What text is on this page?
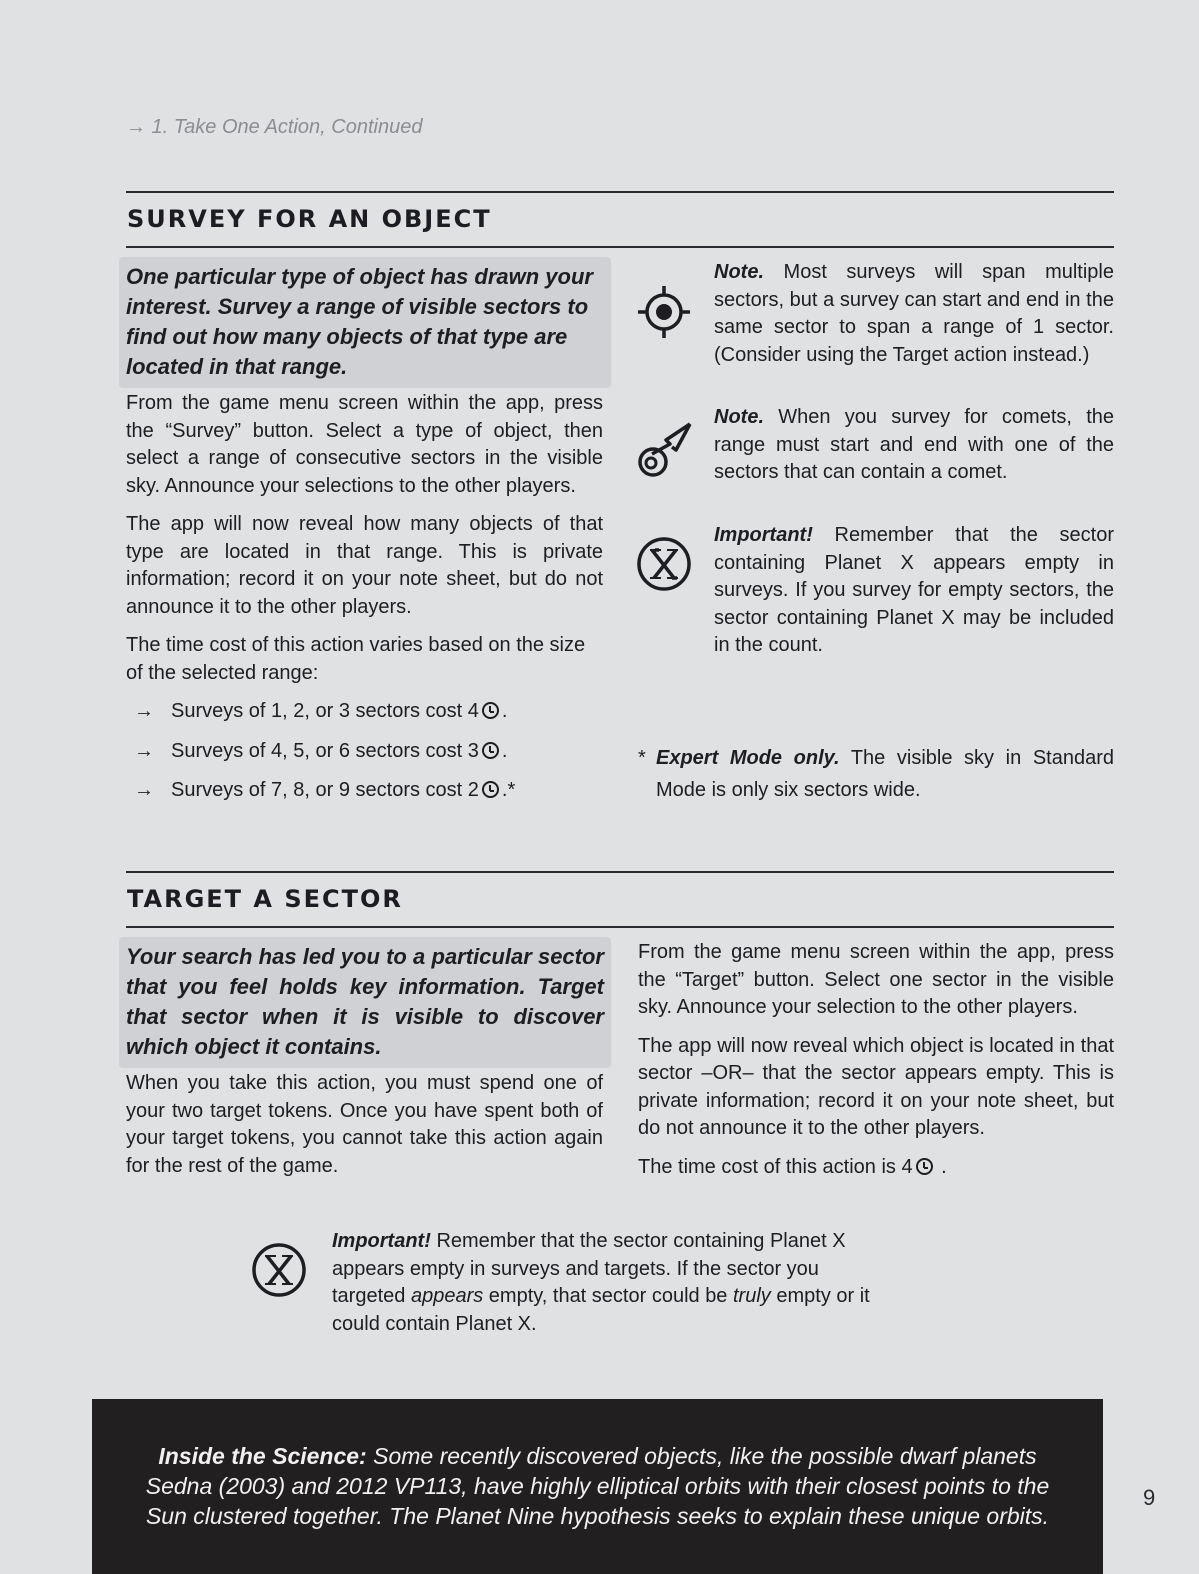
→ 1. Take One Action, Continued
SURVEY FOR AN OBJECT
One particular type of object has drawn your interest. Survey a range of visible sectors to find out how many objects of that type are located in that range.

From the game menu screen within the app, press the “Survey” button. Select a type of object, then select a range of consecutive sectors in the visible sky. Announce your selections to the other players.

The app will now reveal how many objects of that type are located in that range. This is private information; record it on your note sheet, but do not announce it to the other players.

The time cost of this action varies based on the size of the selected range:

→ Surveys of 1, 2, or 3 sectors cost 4 .
→ Surveys of 4, 5, or 6 sectors cost 3 .
→ Surveys of 7, 8, or 9 sectors cost 2 .*
Note. Most surveys will span multiple sectors, but a survey can start and end in the same sector to span a range of 1 sector. (Consider using the Target action instead.)
Note. When you survey for comets, the range must start and end with one of the sectors that can contain a comet.
Important! Remember that the sector containing Planet X appears empty in surveys. If you survey for empty sectors, the sector containing Planet X may be included in the count.
* Expert Mode only. The visible sky in Standard Mode is only six sectors wide.
TARGET A SECTOR
Your search has led you to a particular sector that you feel holds key information. Target that sector when it is visible to discover which object it contains.

When you take this action, you must spend one of your two target tokens. Once you have spent both of your target tokens, you cannot take this action again for the rest of the game.

From the game menu screen within the app, press the “Target” button. Select one sector in the visible sky. Announce your selection to the other players.

The app will now reveal which object is located in that sector –OR– that the sector appears empty. This is private information; record it on your note sheet, but do not announce it to the other players.

The time cost of this action is 4 .

Important! Remember that the sector containing Planet X appears empty in surveys and targets. If the sector you targeted appears empty, that sector could be truly empty or it could contain Planet X.
Inside the Science: Some recently discovered objects, like the possible dwarf planets
Sedna (2003) and 2012 VP113, have highly elliptical orbits with their closest points to the
Sun clustered together. The Planet Nine hypothesis seeks to explain these unique orbits.
9
